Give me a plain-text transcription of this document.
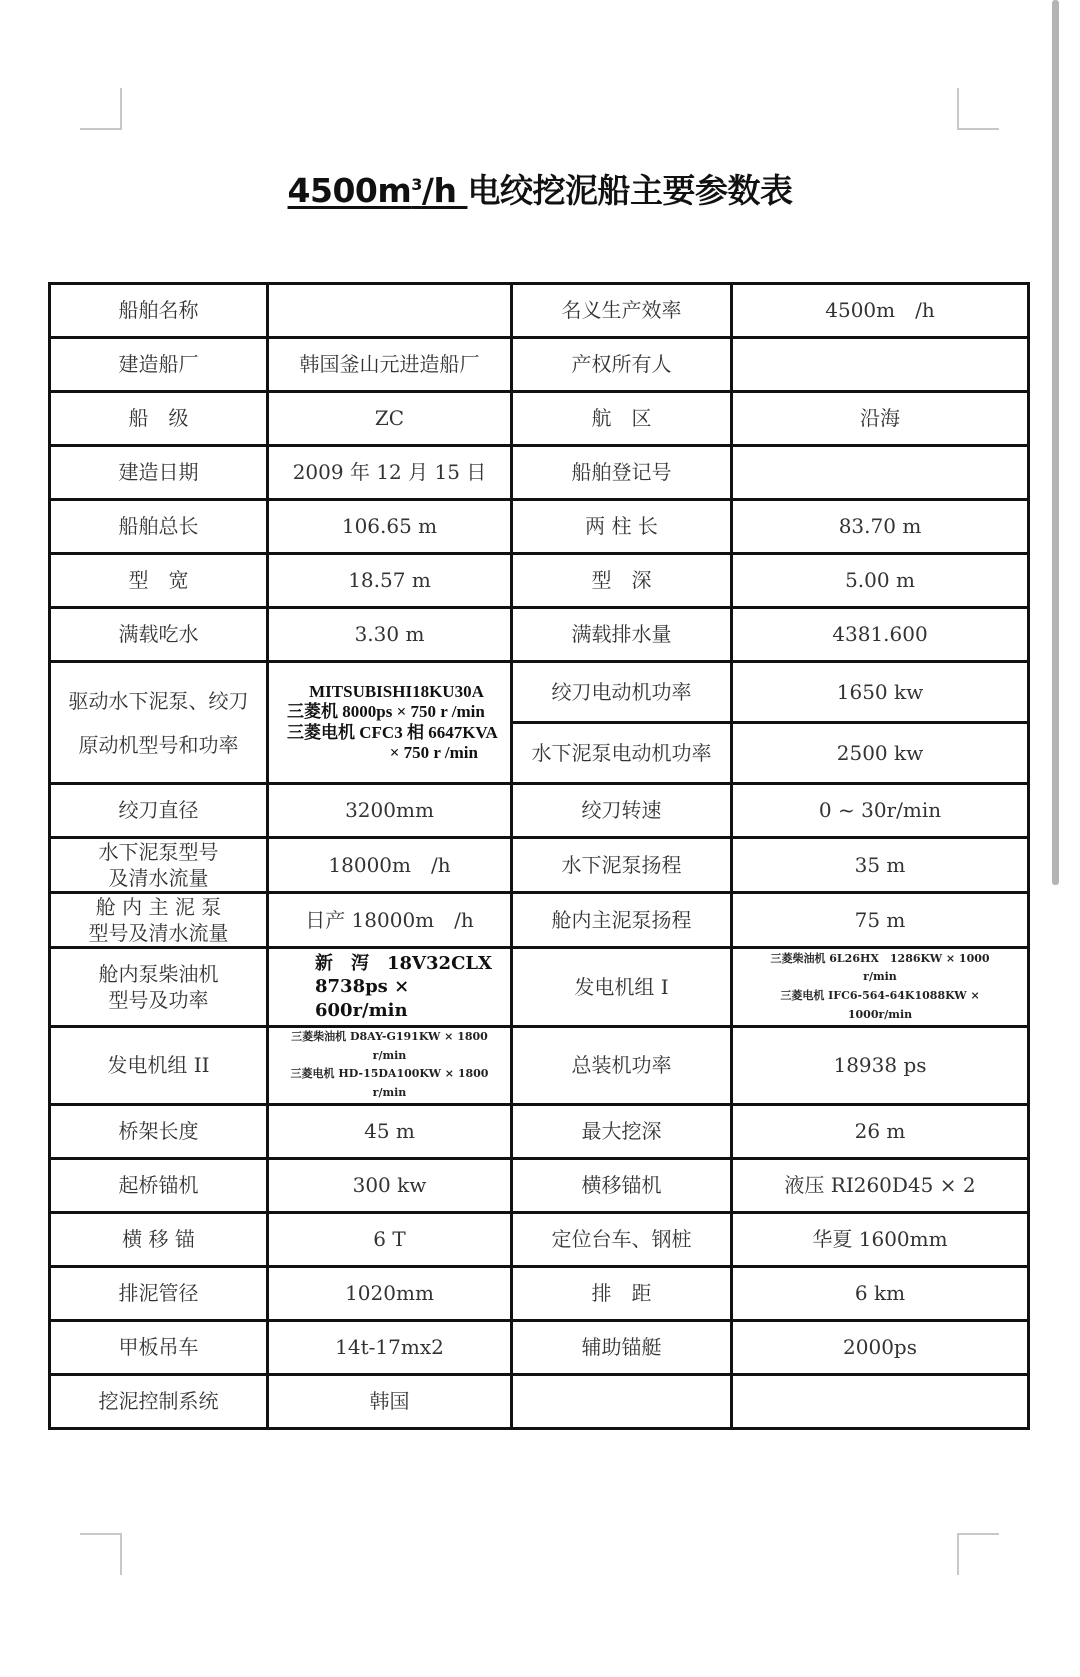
$4500m^3/h$ 电绞挖泥船主要参数表
船舶名称		名义生产效率	4500m　/h
建造船厂	韩国釜山元进造船厂	产权所有人	
船　级	ZC	航　区	沿海
建造日期	2009 年 12 月 15 日	船舶登记号	
船舶总长	106.65 m	两 柱 长	83.70 m
型　宽	18.57 m	型　深	5.00 m
满载吃水	3.30 m	满载排水量	4381.600
驱动水下泥泵、绞刀
原动机型号和功率	MITSUBISHI18KU30A
三菱机 8000ps × 750 r /min
三菱电机 CFC3 相 6647KVA
× 750 r /min	绞刀电动机功率	1650 kw
		水下泥泵电动机功率	2500 kw
绞刀直径	3200mm	绞刀转速	0 ~ 30r/min
水下泥泵型号
及清水流量	18000m　/h	水下泥泵扬程	35 m
舱 内 主 泥 泵
型号及清水流量	日产 18000m　/h	舱内主泥泵扬程	75 m
舱内泵柴油机
型号及功率	新　泻　18V32CLX
8738ps × 600r/min	发电机组 I	三菱柴油机 6L26HX　1286KW × 1000
r/min
三菱电机 IFC6-564-64K1088KW ×
1000r/min
发电机组 II	三菱柴油机 D8AY-G191KW × 1800　r/min
三菱电机 HD-15DA100KW × 1800　r/min	总装机功率	18938 ps
桥架长度	45 m	最大挖深	26 m
起桥锚机	300 kw	横移锚机	液压 RI260D45 × 2
横 移 锚	6 T	定位台车、钢桩	华夏 1600mm
排泥管径	1020mm	排　距	6 km
甲板吊车	14t-17mx2	辅助锚艇	2000ps
挖泥控制系统	韩国		
